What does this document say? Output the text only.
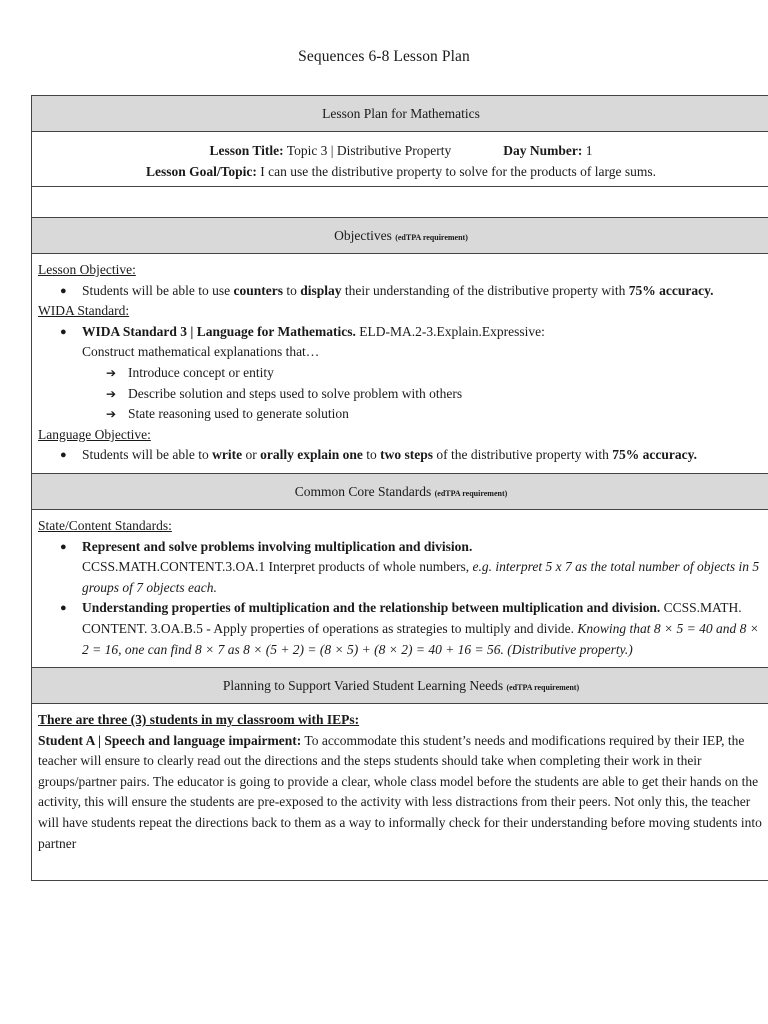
Sequences 6-8 Lesson Plan
Lesson Plan for Mathematics
Lesson Title: Topic 3 | Distributive Property	Day Number: 1
Lesson Goal/Topic: I can use the distributive property to solve for the products of large sums.
Objectives (edTPA requirement)
Lesson Objective:
● Students will be able to use counters to display their understanding of the distributive property with 75% accuracy.
WIDA Standard:
● WIDA Standard 3 | Language for Mathematics. ELD-MA.2-3.Explain.Expressive:
Construct mathematical explanations that…
➔ Introduce concept or entity
➔ Describe solution and steps used to solve problem with others
➔ State reasoning used to generate solution
Language Objective:
● Students will be able to write or orally explain one to two steps of the distributive property with 75% accuracy.
Common Core Standards (edTPA requirement)
State/Content Standards:
● Represent and solve problems involving multiplication and division.
CCSS.MATH.CONTENT.3.OA.1 Interpret products of whole numbers, e.g. interpret 5 x 7 as the total number of objects in 5 groups of 7 objects each.
● Understanding properties of multiplication and the relationship between multiplication and division. CCSS.MATH. CONTENT. 3.OA.B.5 - Apply properties of operations as strategies to multiply and divide. Knowing that 8 × 5 = 40 and 8 × 2 = 16, one can find 8 × 7 as 8 × (5 + 2) = (8 × 5) + (8 × 2) = 40 + 16 = 56. (Distributive property.)
Planning to Support Varied Student Learning Needs (edTPA requirement)
There are three (3) students in my classroom with IEPs:
Student A | Speech and language impairment: To accommodate this student’s needs and modifications required by their IEP, the teacher will ensure to clearly read out the directions and the steps students should take when completing their work in their groups/partner pairs. The educator is going to provide a clear, whole class model before the students are able to get their hands on the activity, this will ensure the students are pre-exposed to the activity with less distractions from their peers. Not only this, the teacher will have students repeat the directions back to them as a way to informally check for their understanding before moving students into partner
